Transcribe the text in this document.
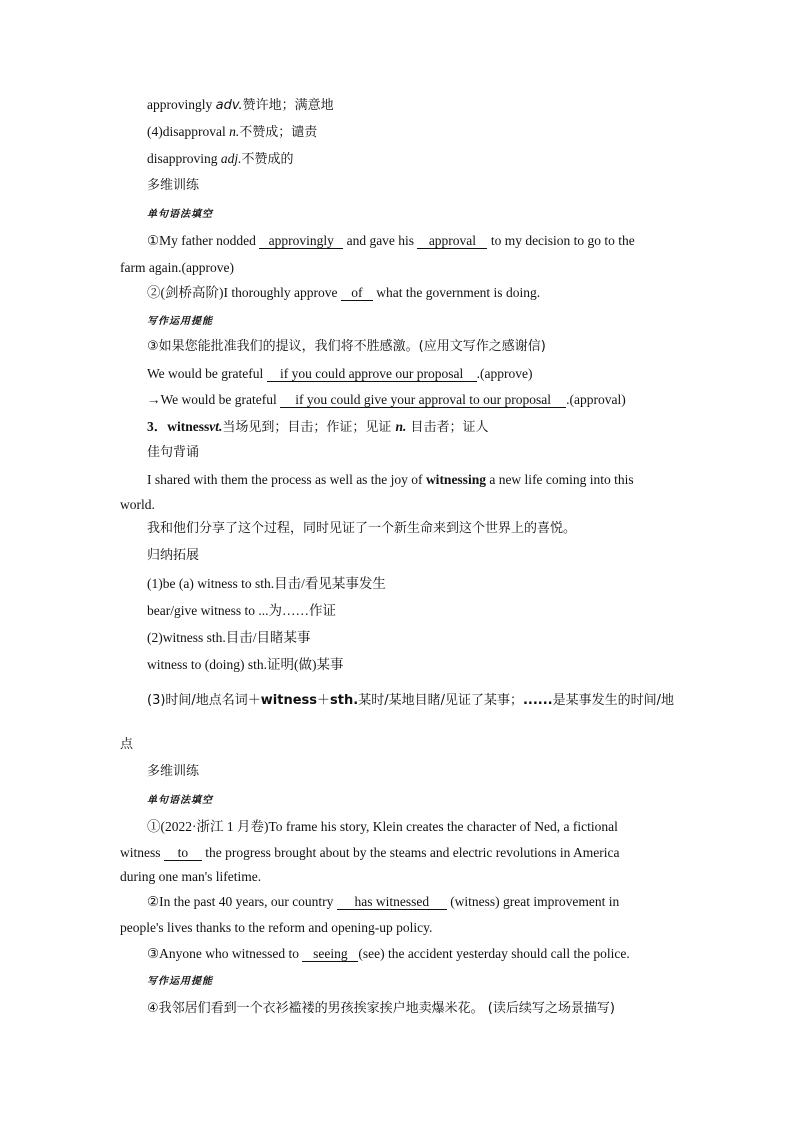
approvingly adv.赞许地；满意地
(4)disapproval n.不赞成；谴责
disapproving adj.不赞成的
多维训练
单句语法填空
①My father nodded approvingly and gave his approval to my decision to go to the
farm again.(approve)
②(剑桥高阶)I thoroughly approve of what the government is doing.
写作运用提能
③如果您能批准我们的提议，我们将不胜感激。(应用文写作之感谢信)
We would be grateful if you could approve our proposal .(approve)
→We would be grateful if you could give your approval to our proposal .(approval)
3．witnessvt.当场见到；目击；作证；见证 n. 目击者；证人
佳句背诵
I shared with them the process as well as the joy of witnessing a new life coming into this
world.
我和他们分享了这个过程，同时见证了一个新生命来到这个世界上的喜悦。
归纳拓展
(1)be (a) witness to sth.目击/看见某事发生
bear/give witness to ...为……作证
(2)witness sth.目击/目睹某事
witness to (doing) sth.证明(做)某事
(3)时间/地点名词＋witness＋sth.某时/某地目睹/见证了某事；......是某事发生的时间/地
点
多维训练
单句语法填空
①(2022·浙江 1 月卷)To frame his story, Klein creates the character of Ned, a fictional
witness to the progress brought about by the steams and electric revolutions in America
during one man's lifetime.
②In the past 40 years, our country has witnessed (witness) great improvement in
people's lives thanks to the reform and opening-up policy.
③Anyone who witnessed to seeing (see) the accident yesterday should call the police.
写作运用提能
④我邻居们看到一个衣衫褴褛的男孩挨家挨户地卖爆米花。 (读后续写之场景描写)
